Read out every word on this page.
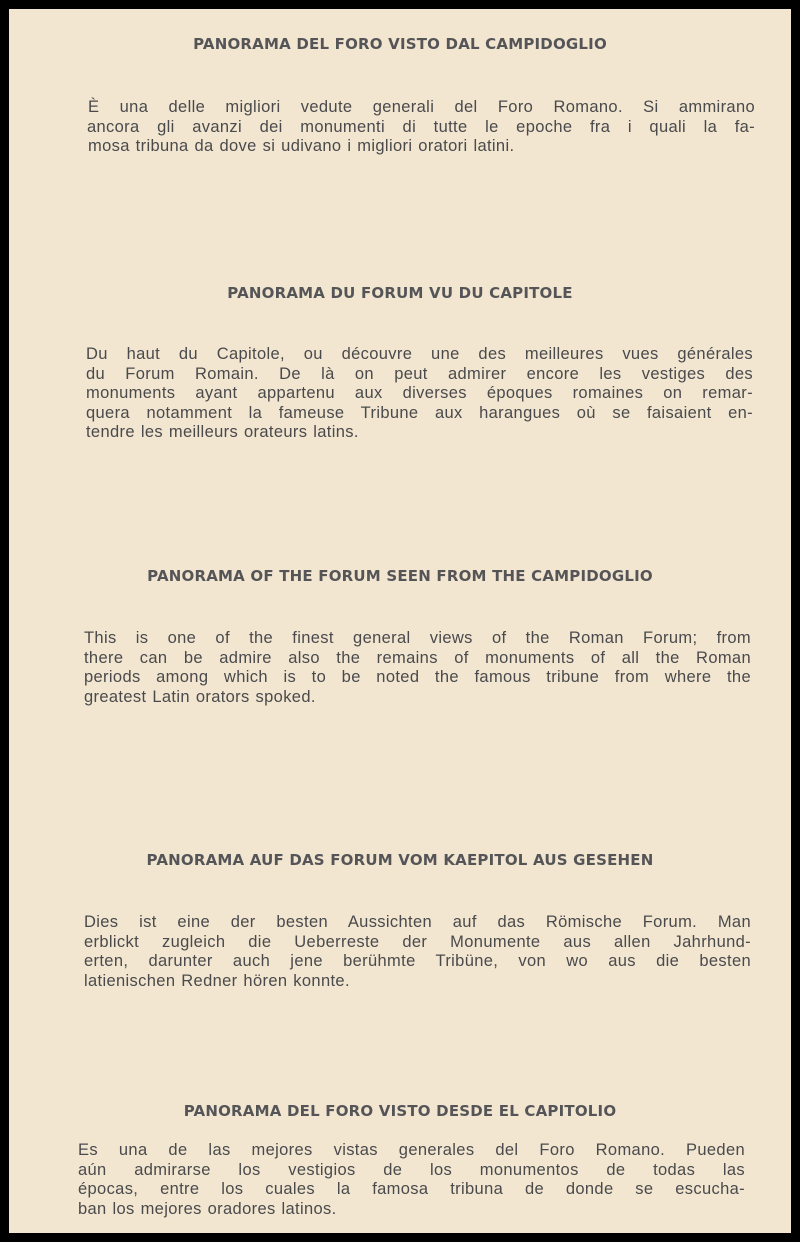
PANORAMA DEL FORO VISTO DAL CAMPIDOGLIO
È una delle migliori vedute generali del Foro Romano. Si ammirano
ancora gli avanzi dei monumenti di tutte le epoche fra i quali la fa-
mosa tribuna da dove si udivano i migliori oratori latini.
PANORAMA DU FORUM VU DU CAPITOLE
Du haut du Capitole, ou découvre une des meilleures vues générales
du Forum Romain. De là on peut admirer encore les vestiges des
monuments ayant appartenu aux diverses époques romaines on remar-
quera notamment la fameuse Tribune aux harangues où se faisaient en-
tendre les meilleurs orateurs latins.
PANORAMA OF THE FORUM SEEN FROM THE CAMPIDOGLIO
This is one of the finest general views of the Roman Forum; from
there can be admire also the remains of monuments of all the Roman
periods among which is to be noted the famous tribune from where the
greatest Latin orators spoked.
PANORAMA AUF DAS FORUM VOM KAEPITOL AUS GESEHEN
Dies ist eine der besten Aussichten auf das Römische Forum. Man
erblickt zugleich die Ueberreste der Monumente aus allen Jahrhund-
erten, darunter auch jene berühmte Tribüne, von wo aus die besten
latienischen Redner hören konnte.
PANORAMA DEL FORO VISTO DESDE EL CAPITOLIO
Es una de las mejores vistas generales del Foro Romano. Pueden
aún admirarse los vestigios de los monumentos de todas las
épocas, entre los cuales la famosa tribuna de donde se escucha-
ban los mejores oradores latinos.
